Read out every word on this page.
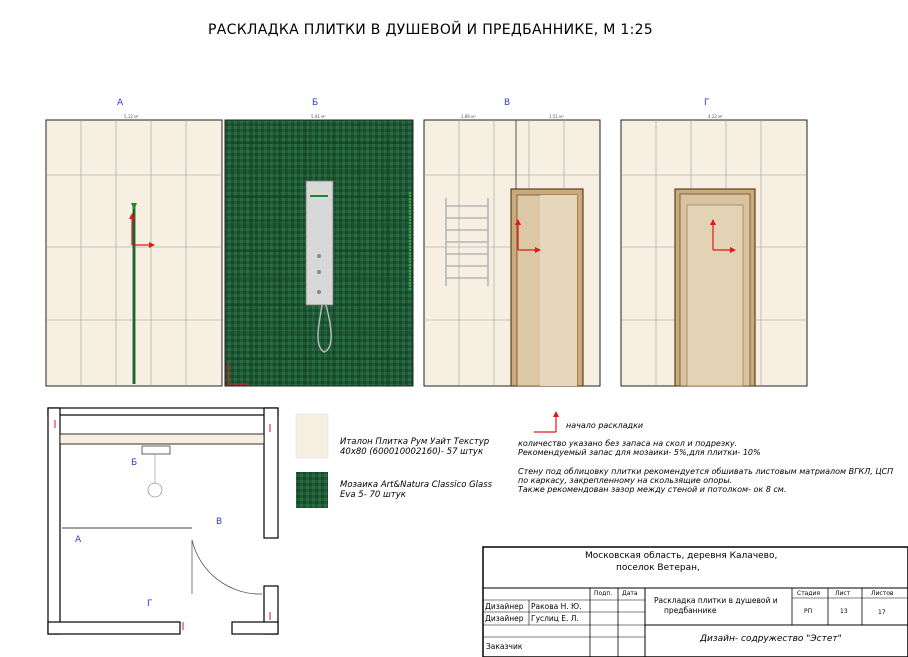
РАСКЛАДКА ПЛИТКИ В ДУШЕВОЙ И ПРЕДБАННИКЕ, М 1:25
А	Б	В	Г
5,12 м²	5,91 м²	2,86 м²	1,51 м²	4,22 м²
Б
А
В
Г
Италон Плитка Рум Уайт Текстур
40x80 (600010002160)- 57 штук
Мозаика Art&Natura Classico Glass
Eva 5- 70 штук
начало раскладки
количество указано без запаса на скол и подрезку.
Рекомендуемый запас для мозаики- 5%,для плитки- 10%
Стену под облицовку плитки рекомендуется обшивать листовым матриалом ВГКЛ, ЦСП
по каркасу, закрепленному на скользящие опоры.
Также рекомендован зазор между стеной и потолком- ок 8 см.
Московская область, деревня Калачево,
поселок Ветеран,
Подп. Дата
Раскладка плитки в душевой и
предбаннике
Стадия Лист	Листов
РП	13	17
Дизайнер Ракова Н. Ю.
Дизайнер Гуслиц Е. Л.
Заказчик
Дизайн- содружество "Эстет"
